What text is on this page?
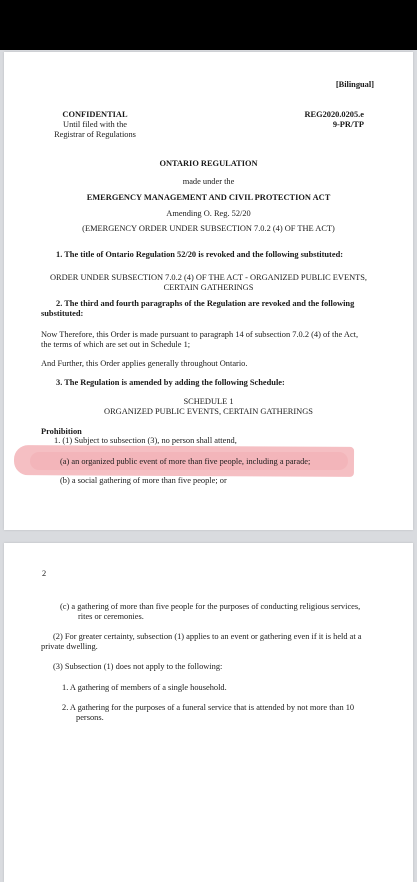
[Bilingual]
CONFIDENTIAL
Until filed with the
Registrar of Regulations
REG2020.0205.e
9-PR/TP
ONTARIO REGULATION
made under the
EMERGENCY MANAGEMENT AND CIVIL PROTECTION ACT
Amending O. Reg. 52/20
(EMERGENCY ORDER UNDER SUBSECTION 7.0.2 (4) OF THE ACT)
1. The title of Ontario Regulation 52/20 is revoked and the following substituted:
ORDER UNDER SUBSECTION 7.0.2 (4) OF THE ACT - ORGANIZED PUBLIC EVENTS,
CERTAIN GATHERINGS
2. The third and fourth paragraphs of the Regulation are revoked and the following
substituted:
Now Therefore, this Order is made pursuant to paragraph 14 of subsection 7.0.2 (4) of the Act,
the terms of which are set out in Schedule 1;
And Further, this Order applies generally throughout Ontario.
3. The Regulation is amended by adding the following Schedule:
SCHEDULE 1
ORGANIZED PUBLIC EVENTS, CERTAIN GATHERINGS
Prohibition
1. (1) Subject to subsection (3), no person shall attend,
(a) an organized public event of more than five people, including a parade;
(b) a social gathering of more than five people; or
2
(c) a gathering of more than five people for the purposes of conducting religious services,
rites or ceremonies.
(2) For greater certainty, subsection (1) applies to an event or gathering even if it is held at a
private dwelling.
(3) Subsection (1) does not apply to the following:
1. A gathering of members of a single household.
2. A gathering for the purposes of a funeral service that is attended by not more than 10
persons.
